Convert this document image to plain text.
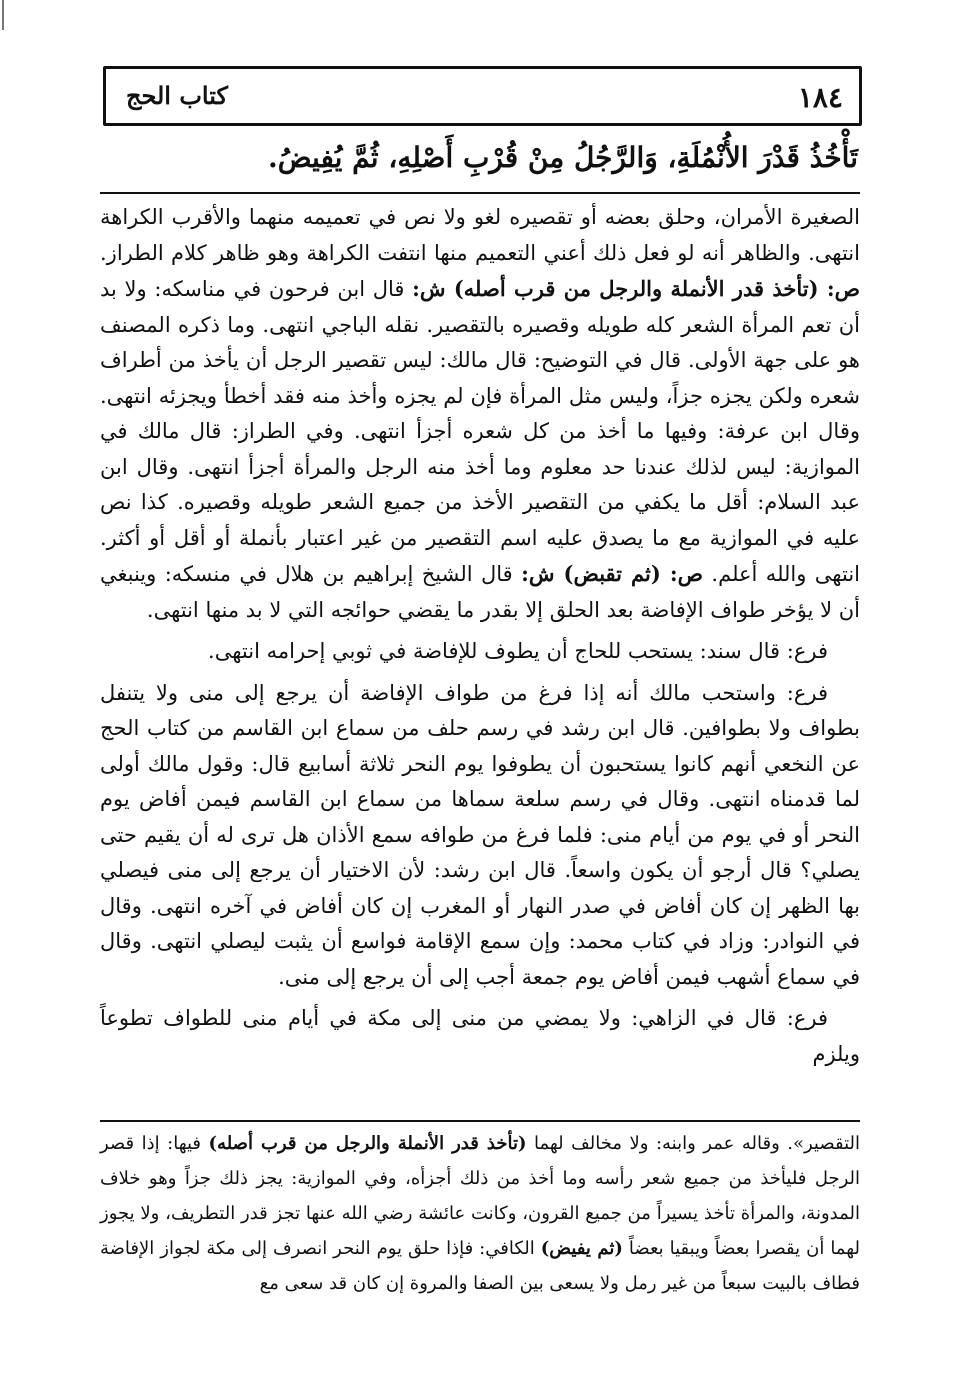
١٨٤
كتاب الحج
تَأْخُذُ قَدْرَ الأُنْمُلَةِ، وَالرَّجُلُ مِنْ قُرْبِ أَصْلِهِ، ثُمَّ يُفِيضُ.

الصغيرة الأمران، وحلق بعضه أو تقصيره لغو ولا نص في تعميمه منهما والأقرب الكراهة انتهى. والظاهر أنه لو فعل ذلك أعني التعميم منها انتفت الكراهة وهو ظاهر كلام الطراز. ص: (تأخذ قدر الأنملة والرجل من قرب أصله) ش: قال ابن فرحون في مناسكه: ولا بد أن تعم المرأة الشعر كله طويله وقصيره بالتقصير. نقله الباجي انتهى. وما ذكره المصنف هو على جهة الأولى. قال في التوضيح: قال مالك: ليس تقصير الرجل أن يأخذ من أطراف شعره ولكن يجزه جزاً، وليس مثل المرأة فإن لم يجزه وأخذ منه فقد أخطأ ويجزئه انتهى. وقال ابن عرفة: وفيها ما أخذ من كل شعره أجزأ انتهى. وفي الطراز: قال مالك في الموازية: ليس لذلك عندنا حد معلوم وما أخذ منه الرجل والمرأة أجزأ انتهى. وقال ابن عبد السلام: أقل ما يكفي من التقصير الأخذ من جميع الشعر طويله وقصيره. كذا نص عليه في الموازية مع ما يصدق عليه اسم التقصير من غير اعتبار بأنملة أو أقل أو أكثر. انتهى والله أعلم. ص: (ثم تقبض) ش: قال الشيخ إبراهيم بن هلال في منسكه: وينبغي أن لا يؤخر طواف الإفاضة بعد الحلق إلا بقدر ما يقضي حوائجه التي لا بد منها انتهى.

فرع: قال سند: يستحب للحاج أن يطوف للإفاضة في ثوبي إحرامه انتهى.

فرع: واستحب مالك أنه إذا فرغ من طواف الإفاضة أن يرجع إلى منى ولا يتنفل بطواف ولا بطوافين. قال ابن رشد في رسم حلف من سماع ابن القاسم من كتاب الحج عن النخعي أنهم كانوا يستحبون أن يطوفوا يوم النحر ثلاثة أسابيع قال: وقول مالك أولى لما قدمناه انتهى. وقال في رسم سلعة سماها من سماع ابن القاسم فيمن أفاض يوم النحر أو في يوم من أيام منى: فلما فرغ من طوافه سمع الأذان هل ترى له أن يقيم حتى يصلي؟ قال أرجو أن يكون واسعاً. قال ابن رشد: لأن الاختيار أن يرجع إلى منى فيصلي بها الظهر إن كان أفاض في صدر النهار أو المغرب إن كان أفاض في آخره انتهى. وقال في النوادر: وزاد في كتاب محمد: وإن سمع الإقامة فواسع أن يثبت ليصلي انتهى. وقال في سماع أشهب فيمن أفاض يوم جمعة أجب إلى أن يرجع إلى منى.

فرع: قال في الزاهي: ولا يمضي من منى إلى مكة في أيام منى للطواف تطوعاً ويلزم

التقصير». وقاله عمر وابنه: ولا مخالف لهما (تأخذ قدر الأنملة والرجل من قرب أصله) فيها: إذا قصر الرجل فليأخذ من جميع شعر رأسه وما أخذ من ذلك أجزأه، وفي الموازية: يجز ذلك جزاً وهو خلاف المدونة، والمرأة تأخذ يسيراً من جميع القرون، وكانت عائشة رضي الله عنها تجز قدر التطريف، ولا يجوز لهما أن يقصرا بعضاً ويبقيا بعضاً (ثم يفيض) الكافي: فإذا حلق يوم النحر انصرف إلى مكة لجواز الإفاضة فطاف بالبيت سبعاً من غير رمل ولا يسعى بين الصفا والمروة إن كان قد سعى مع
